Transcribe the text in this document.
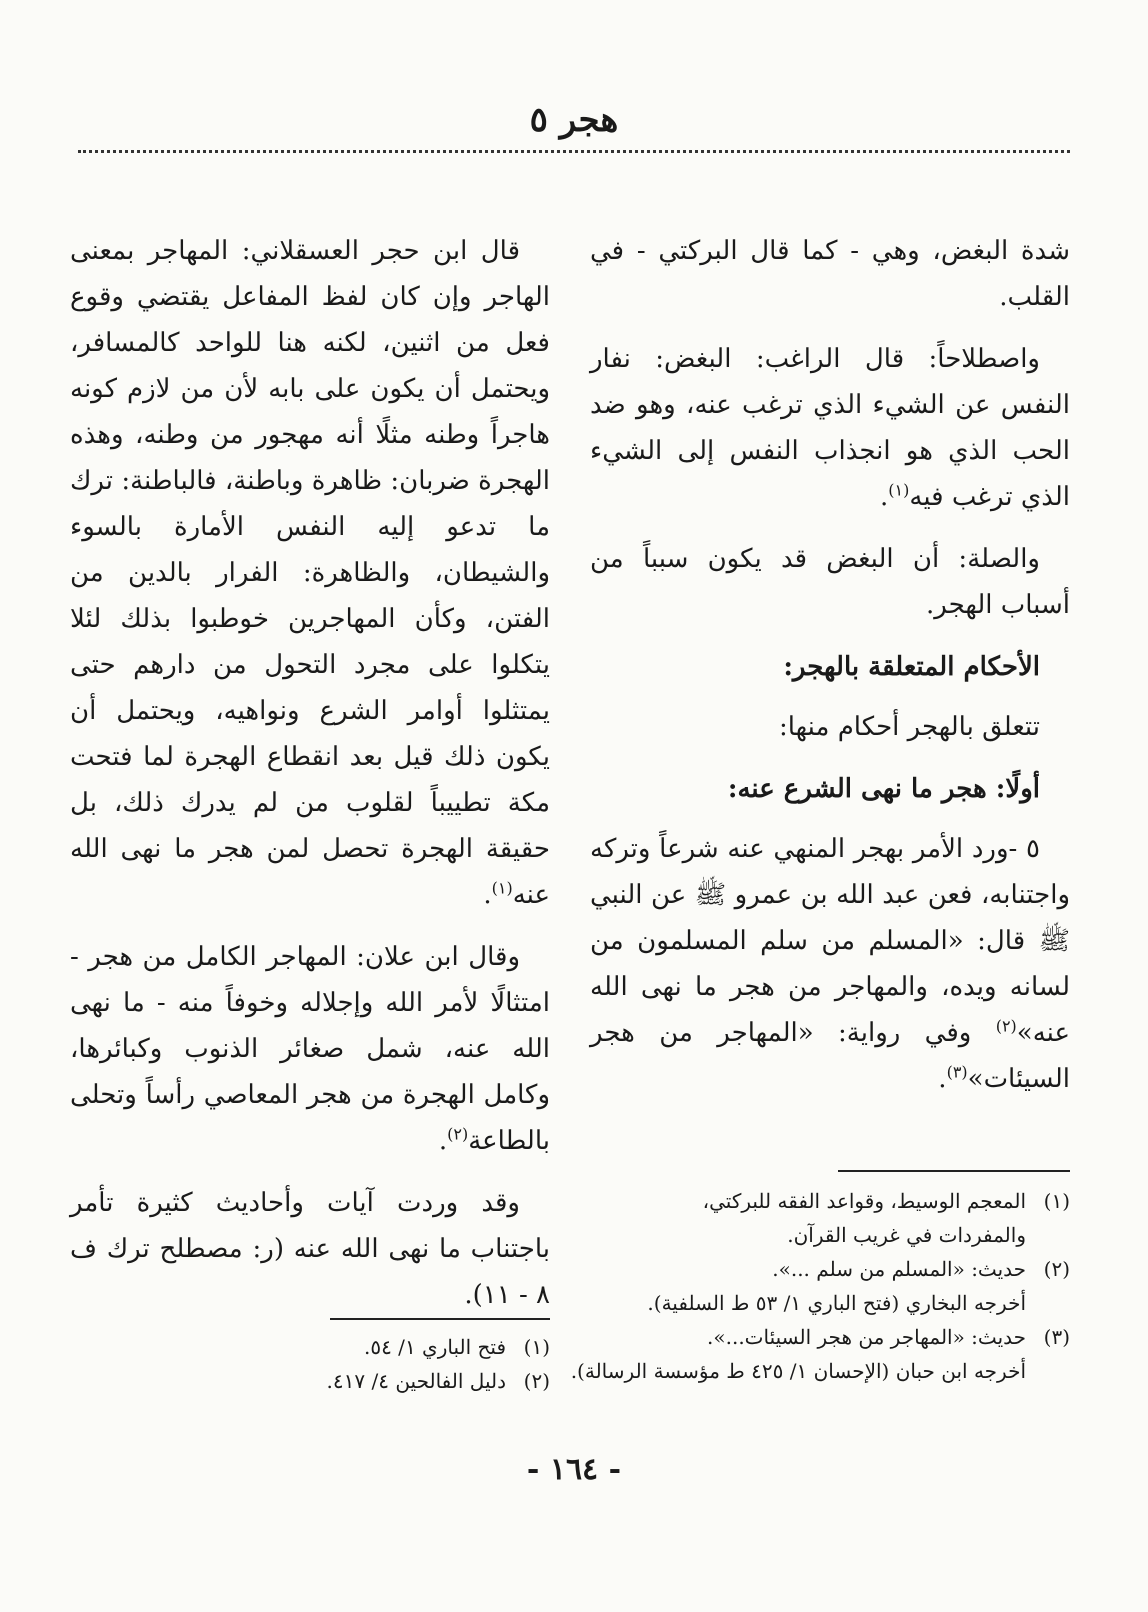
هجر ٥

شدة البغض، وهي - كما قال البركتي - في القلب.

واصطلاحاً: قال الراغب: البغض: نفار النفس عن الشيء الذي ترغب عنه، وهو ضد الحب الذي هو انجذاب النفس إلى الشيء الذي ترغب فيه$^{(١)}$.

والصلة: أن البغض قد يكون سبباً من أسباب الهجر.

الأحكام المتعلقة بالهجر:

تتعلق بالهجر أحكام منها:

أولًا: هجر ما نهى الشرع عنه:

٥ -ورد الأمر بهجر المنهي عنه شرعاً وتركه واجتنابه، فعن عبد الله بن عمرو ﷺ عن النبي ﷺ قال: «المسلم من سلم المسلمون من لسانه ويده، والمهاجر من هجر ما نهى الله عنه»$^{(٢)}$ وفي رواية: «المهاجر من هجر السيئات»$^{(٣)}$.

قال ابن حجر العسقلاني: المهاجر بمعنى الهاجر وإن كان لفظ المفاعل يقتضي وقوع فعل من اثنين، لكنه هنا للواحد كالمسافر، ويحتمل أن يكون على بابه لأن من لازم كونه هاجراً وطنه مثلًا أنه مهجور من وطنه، وهذه الهجرة ضربان: ظاهرة وباطنة، فالباطنة: ترك ما تدعو إليه النفس الأمارة بالسوء والشيطان، والظاهرة: الفرار بالدين من الفتن، وكأن المهاجرين خوطبوا بذلك لئلا يتكلوا على مجرد التحول من دارهم حتى يمتثلوا أوامر الشرع ونواهيه، ويحتمل أن يكون ذلك قيل بعد انقطاع الهجرة لما فتحت مكة تطييباً لقلوب من لم يدرك ذلك، بل حقيقة الهجرة تحصل لمن هجر ما نهى الله عنه$^{(١)}$.

وقال ابن علان: المهاجر الكامل من هجر - امتثالًا لأمر الله وإجلاله وخوفاً منه - ما نهى الله عنه، شمل صغائر الذنوب وكبائرها، وكامل الهجرة من هجر المعاصي رأساً وتحلى بالطاعة$^{(٢)}$.

وقد وردت آيات وأحاديث كثيرة تأمر باجتناب ما نهى الله عنه (ر: مصطلح ترك ف ٨ - ١١).

(١)
المعجم الوسيط، وقواعد الفقه للبركتي،
والمفردات في غريب القرآن.
(٢)
حديث: «المسلم من سلم ...».
أخرجه البخاري (فتح الباري ١/ ٥٣ ط السلفية).
(٣)
حديث: «المهاجر من هجر السيئات...».
أخرجه ابن حبان (الإحسان ١/ ٤٢٥ ط مؤسسة الرسالة).
(١)
فتح الباري ١/ ٥٤.
(٢)
دليل الفالحين ٤/ ٤١٧.
- ١٦٤ -
